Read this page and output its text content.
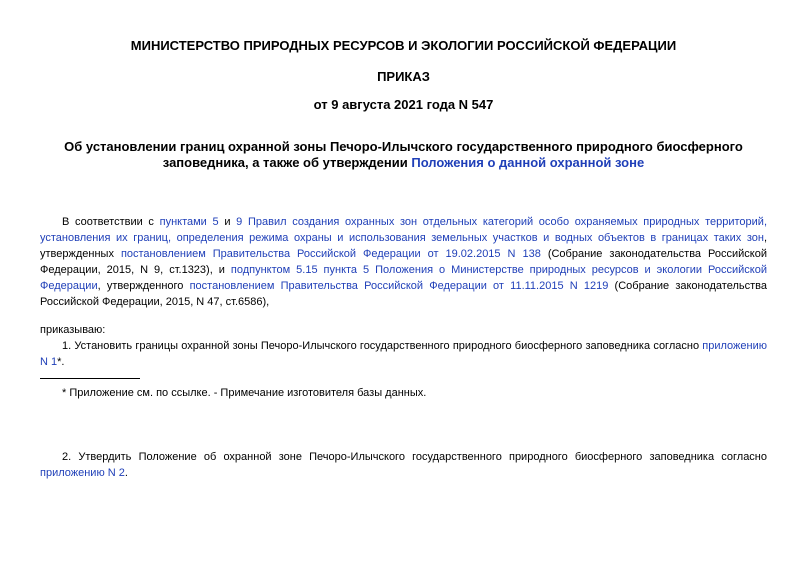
МИНИСТЕРСТВО ПРИРОДНЫХ РЕСУРСОВ И ЭКОЛОГИИ РОССИЙСКОЙ ФЕДЕРАЦИИ
ПРИКАЗ
от 9 августа 2021 года N 547
Об установлении границ охранной зоны Печоро-Илычского государственного природного биосферного заповедника, а также об утверждении Положения о данной охранной зоне
В соответствии с пунктами 5 и 9 Правил создания охранных зон отдельных категорий особо охраняемых природных территорий, установления их границ, определения режима охраны и использования земельных участков и водных объектов в границах таких зон, утвержденных постановлением Правительства Российской Федерации от 19.02.2015 N 138 (Собрание законодательства Российской Федерации, 2015, N 9, ст.1323), и подпунктом 5.15 пункта 5 Положения о Министерстве природных ресурсов и экологии Российской Федерации, утвержденного постановлением Правительства Российской Федерации от 11.11.2015 N 1219 (Собрание законодательства Российской Федерации, 2015, N 47, ст.6586),
приказываю:
1. Установить границы охранной зоны Печоро-Илычского государственного природного биосферного заповедника согласно приложению N 1*.
* Приложение см. по ссылке. - Примечание изготовителя базы данных.
2. Утвердить Положение об охранной зоне Печоро-Илычского государственного природного биосферного заповедника согласно приложению N 2.
